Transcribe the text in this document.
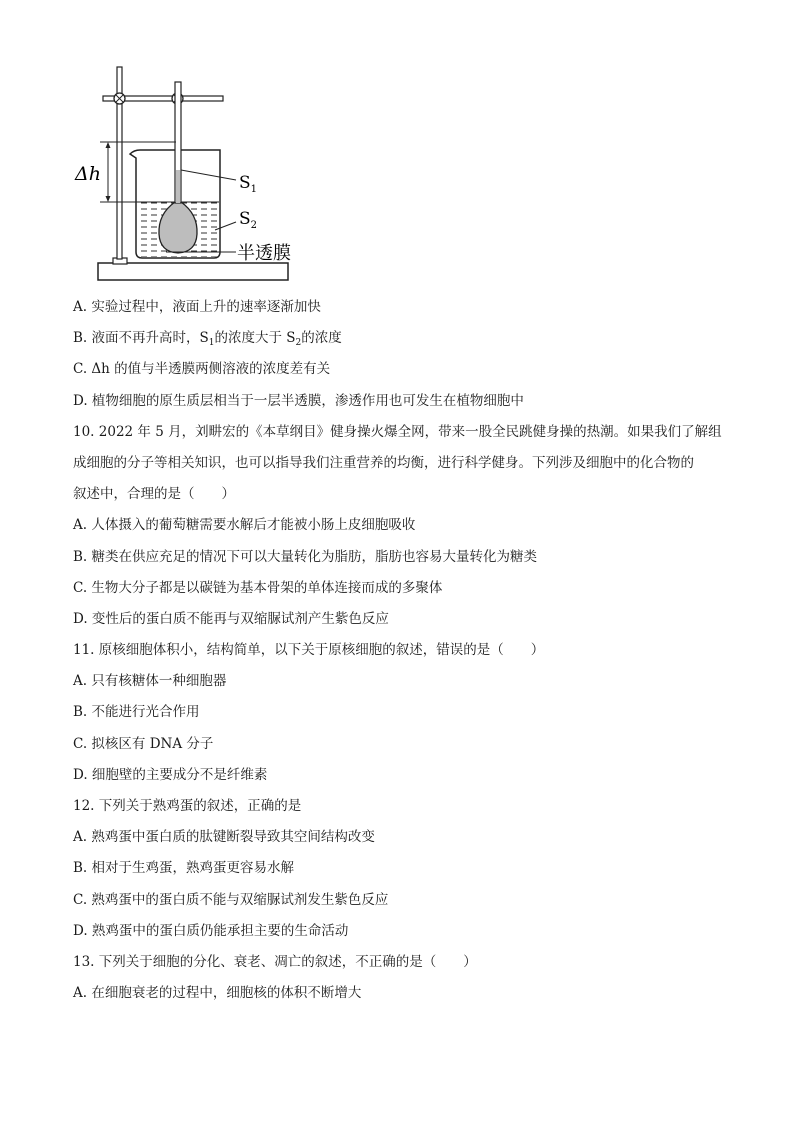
Δh	$S_1$
$S_2$
半透膜
A. 实验过程中，液面上升的速率逐渐加快
B. 液面不再升高时，$S_1$的浓度大于 $S_2$的浓度
C. Δh 的值与半透膜两侧溶液的浓度差有关
D. 植物细胞的原生质层相当于一层半透膜，渗透作用也可发生在植物细胞中
10. 2022 年 5 月，刘畊宏的《本草纲目》健身操火爆全网，带来一股全民跳健身操的热潮。如果我们了解组
成细胞的分子等相关知识，也可以指导我们注重营养的均衡，进行科学健身。下列涉及细胞中的化合物的
叙述中，合理的是（　　）
A. 人体摄入的葡萄糖需要水解后才能被小肠上皮细胞吸收
B. 糖类在供应充足的情况下可以大量转化为脂肪，脂肪也容易大量转化为糖类
C. 生物大分子都是以碳链为基本骨架的单体连接而成的多聚体
D. 变性后的蛋白质不能再与双缩脲试剂产生紫色反应
11. 原核细胞体积小，结构简单，以下关于原核细胞的叙述，错误的是（　　）
A. 只有核糖体一种细胞器
B. 不能进行光合作用
C. 拟核区有 DNA 分子
D. 细胞壁的主要成分不是纤维素
12. 下列关于熟鸡蛋的叙述，正确的是
A. 熟鸡蛋中蛋白质的肽键断裂导致其空间结构改变
B. 相对于生鸡蛋，熟鸡蛋更容易水解
C. 熟鸡蛋中的蛋白质不能与双缩脲试剂发生紫色反应
D. 熟鸡蛋中的蛋白质仍能承担主要的生命活动
13. 下列关于细胞的分化、衰老、凋亡的叙述，不正确的是（　　）
A. 在细胞衰老的过程中，细胞核的体积不断增大
